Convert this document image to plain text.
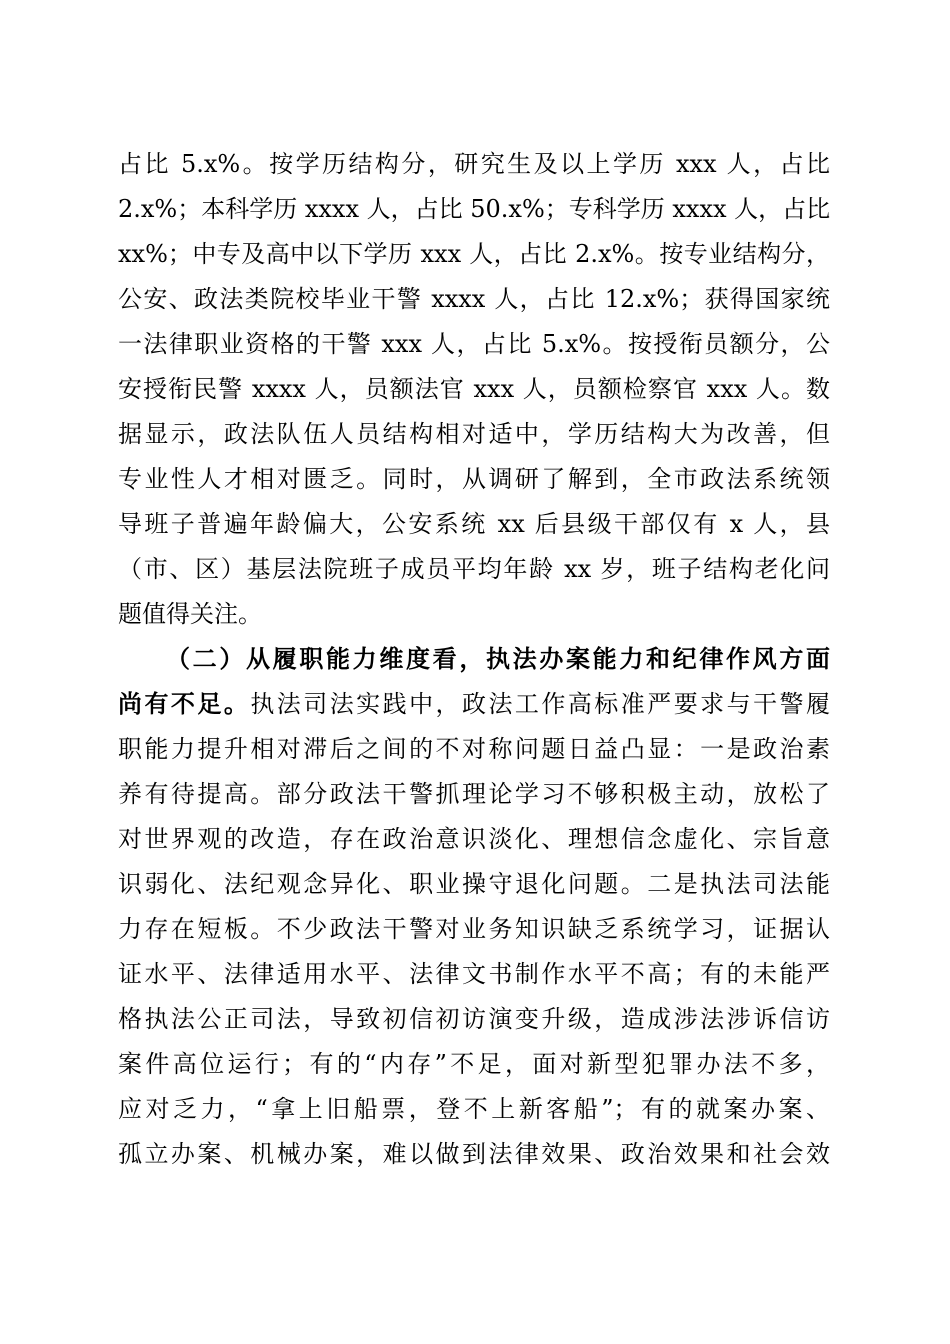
占比 5.x%。按学历结构分，研究生及以上学历 xxx 人，占比
2.x%；本科学历 xxxx 人，占比 50.x%；专科学历 xxxx 人，占比
xx%；中专及高中以下学历 xxx 人，占比 2.x%。按专业结构分，
公安、政法类院校毕业干警 xxxx 人，占比 12.x%；获得国家统
一法律职业资格的干警 xxx 人，占比 5.x%。按授衔员额分，公
安授衔民警 xxxx 人，员额法官 xxx 人，员额检察官 xxx 人。数
据显示，政法队伍人员结构相对适中，学历结构大为改善，但
专业性人才相对匮乏。同时，从调研了解到，全市政法系统领
导班子普遍年龄偏大，公安系统 xx 后县级干部仅有 x 人，县
（市、区）基层法院班子成员平均年龄 xx 岁，班子结构老化问
题值得关注。
（二）从履职能力维度看，执法办案能力和纪律作风方面
尚有不足。执法司法实践中，政法工作高标准严要求与干警履
职能力提升相对滞后之间的不对称问题日益凸显：一是政治素
养有待提高。部分政法干警抓理论学习不够积极主动，放松了
对世界观的改造，存在政治意识淡化、理想信念虚化、宗旨意
识弱化、法纪观念异化、职业操守退化问题。二是执法司法能
力存在短板。不少政法干警对业务知识缺乏系统学习，证据认
证水平、法律适用水平、法律文书制作水平不高；有的未能严
格执法公正司法，导致初信初访演变升级，造成涉法涉诉信访
案件高位运行；有的“内存”不足，面对新型犯罪办法不多，
应对乏力，“拿上旧船票，登不上新客船”；有的就案办案、
孤立办案、机械办案，难以做到法律效果、政治效果和社会效
